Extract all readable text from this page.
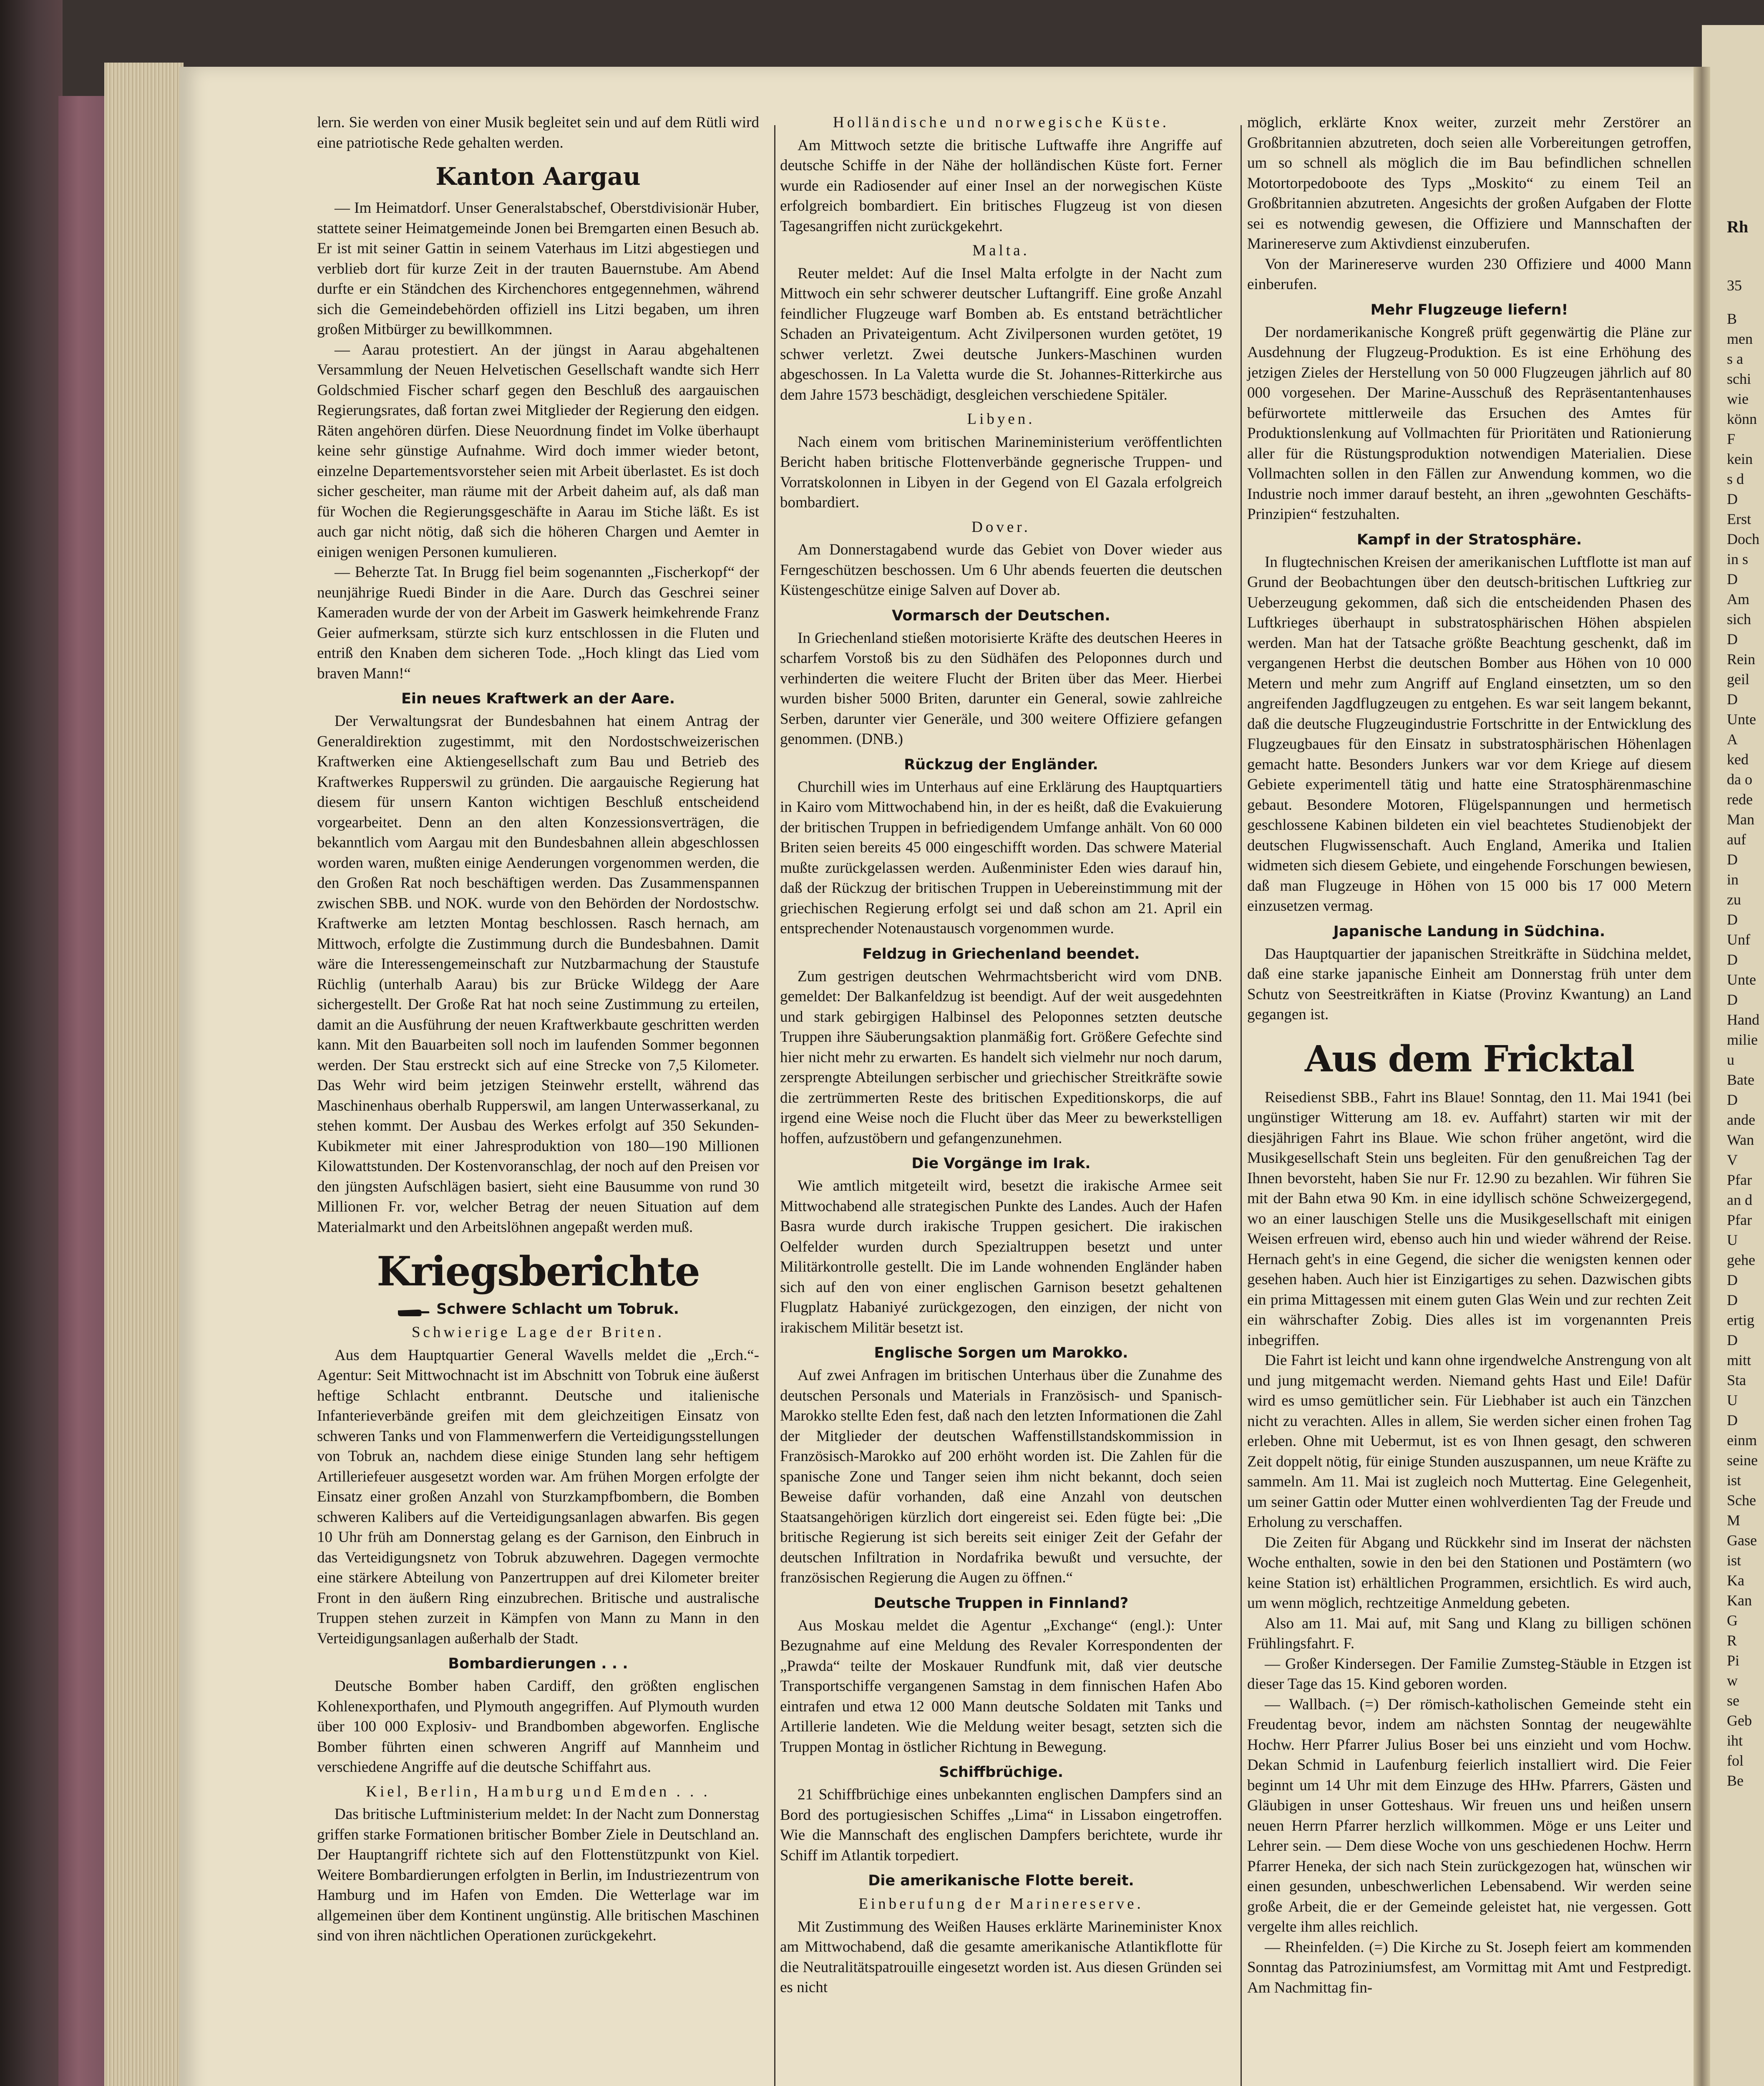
lern. Sie werden von einer Musik begleitet sein und auf dem Rütli wird eine patriotische Rede gehalten werden.

Kanton Aargau

— Im Heimatdorf. Unser Generalstabschef, Oberstdivisionär Huber, stattete seiner Heimatgemeinde Jonen bei Bremgarten einen Besuch ab. Er ist mit seiner Gattin in seinem Vaterhaus im Litzi abgestiegen und verblieb dort für kurze Zeit in der trauten Bauernstube. Am Abend durfte er ein Ständchen des Kirchenchores entgegennehmen, während sich die Gemeindebehörden offiziell ins Litzi begaben, um ihren großen Mitbürger zu bewillkommnen.

— Aarau protestiert. An der jüngst in Aarau abgehaltenen Versammlung der Neuen Helvetischen Gesellschaft wandte sich Herr Goldschmied Fischer scharf gegen den Beschluß des aargauischen Regierungsrates, daß fortan zwei Mitglieder der Regierung den eidgen. Räten angehören dürfen. Diese Neuordnung findet im Volke überhaupt keine sehr günstige Aufnahme. Wird doch immer wieder betont, einzelne Departementsvorsteher seien mit Arbeit überlastet. Es ist doch sicher gescheiter, man räume mit der Arbeit daheim auf, als daß man für Wochen die Regierungsgeschäfte in Aarau im Stiche läßt. Es ist auch gar nicht nötig, daß sich die höheren Chargen und Aemter in einigen wenigen Personen kumulieren.

— Beherzte Tat. In Brugg fiel beim sogenannten „Fischerkopf“ der neunjährige Ruedi Binder in die Aare. Durch das Geschrei seiner Kameraden wurde der von der Arbeit im Gaswerk heimkehrende Franz Geier aufmerksam, stürzte sich kurz entschlossen in die Fluten und entriß den Knaben dem sicheren Tode. „Hoch klingt das Lied vom braven Mann!“

Ein neues Kraftwerk an der Aare.

Der Verwaltungsrat der Bundesbahnen hat einem Antrag der Generaldirektion zugestimmt, mit den Nordostschweizerischen Kraftwerken eine Aktiengesellschaft zum Bau und Betrieb des Kraftwerkes Rupperswil zu gründen. Die aargauische Regierung hat diesem für unsern Kanton wichtigen Beschluß entscheidend vorgearbeitet. Denn an den alten Konzessionsverträgen, die bekanntlich vom Aargau mit den Bundesbahnen allein abgeschlossen worden waren, mußten einige Aenderungen vorgenommen werden, die den Großen Rat noch beschäftigen werden. Das Zusammenspannen zwischen SBB. und NOK. wurde von den Behörden der Nordostschw. Kraftwerke am letzten Montag beschlossen. Rasch hernach, am Mittwoch, erfolgte die Zustimmung durch die Bundesbahnen. Damit wäre die Interessengemeinschaft zur Nutzbarmachung der Staustufe Rüchlig (unterhalb Aarau) bis zur Brücke Wildegg der Aare sichergestellt. Der Große Rat hat noch seine Zustimmung zu erteilen, damit an die Ausführung der neuen Kraftwerkbaute geschritten werden kann. Mit den Bauarbeiten soll noch im laufenden Sommer begonnen werden. Der Stau erstreckt sich auf eine Strecke von 7,5 Kilometer. Das Wehr wird beim jetzigen Steinwehr erstellt, während das Maschinenhaus oberhalb Rupperswil, am langen Unterwasserkanal, zu stehen kommt. Der Ausbau des Werkes erfolgt auf 350 Sekunden-Kubikmeter mit einer Jahresproduktion von 180—190 Millionen Kilowattstunden. Der Kostenvoranschlag, der noch auf den Preisen vor den jüngsten Aufschlägen basiert, sieht eine Bausumme von rund 30 Millionen Fr. vor, welcher Betrag der neuen Situation auf dem Materialmarkt und den Arbeitslöhnen angepaßt werden muß.

Kriegsberichte
Schwere Schlacht um Tobruk.
Schwierige Lage der Briten.

Aus dem Hauptquartier General Wavells meldet die „Erch.“-Agentur: Seit Mittwochnacht ist im Abschnitt von Tobruk eine äußerst heftige Schlacht entbrannt. Deutsche und italienische Infanterieverbände greifen mit dem gleichzeitigen Einsatz von schweren Tanks und von Flammenwerfern die Verteidigungsstellungen von Tobruk an, nachdem diese einige Stunden lang sehr heftigem Artilleriefeuer ausgesetzt worden war. Am frühen Morgen erfolgte der Einsatz einer großen Anzahl von Sturzkampfbombern, die Bomben schweren Kalibers auf die Verteidigungsanlagen abwarfen. Bis gegen 10 Uhr früh am Donnerstag gelang es der Garnison, den Einbruch in das Verteidigungsnetz von Tobruk abzuwehren. Dagegen vermochte eine stärkere Abteilung von Panzertruppen auf drei Kilometer breiter Front in den äußern Ring einzubrechen. Britische und australische Truppen stehen zurzeit in Kämpfen von Mann zu Mann in den Verteidigungsanlagen außerhalb der Stadt.

Bombardierungen . . .

Deutsche Bomber haben Cardiff, den größten englischen Kohlenexporthafen, und Plymouth angegriffen. Auf Plymouth wurden über 100 000 Explosiv- und Brandbomben abgeworfen. Englische Bomber führten einen schweren Angriff auf Mannheim und verschiedene Angriffe auf die deutsche Schiffahrt aus.

Kiel, Berlin, Hamburg und Emden . . .

Das britische Luftministerium meldet: In der Nacht zum Donnerstag griffen starke Formationen britischer Bomber Ziele in Deutschland an. Der Hauptangriff richtete sich auf den Flottenstützpunkt von Kiel. Weitere Bombardierungen erfolgten in Berlin, im Industriezentrum von Hamburg und im Hafen von Emden. Die Wetterlage war im allgemeinen über dem Kontinent ungünstig. Alle britischen Maschinen sind von ihren nächtlichen Operationen zurückgekehrt.

Holländische und norwegische Küste.

Am Mittwoch setzte die britische Luftwaffe ihre Angriffe auf deutsche Schiffe in der Nähe der holländischen Küste fort. Ferner wurde ein Radiosender auf einer Insel an der norwegischen Küste erfolgreich bombardiert. Ein britisches Flugzeug ist von diesen Tagesangriffen nicht zurückgekehrt.

Malta.

Reuter meldet: Auf die Insel Malta erfolgte in der Nacht zum Mittwoch ein sehr schwerer deutscher Luftangriff. Eine große Anzahl feindlicher Flugzeuge warf Bomben ab. Es entstand beträchtlicher Schaden an Privateigentum. Acht Zivilpersonen wurden getötet, 19 schwer verletzt. Zwei deutsche Junkers-Maschinen wurden abgeschossen. In La Valetta wurde die St. Johannes-Ritterkirche aus dem Jahre 1573 beschädigt, desgleichen verschiedene Spitäler.

Libyen.

Nach einem vom britischen Marineministerium veröffentlichten Bericht haben britische Flottenverbände gegnerische Truppen- und Vorratskolonnen in Libyen in der Gegend von El Gazala erfolgreich bombardiert.

Dover.

Am Donnerstagabend wurde das Gebiet von Dover wieder aus Ferngeschützen beschossen. Um 6 Uhr abends feuerten die deutschen Küstengeschütze einige Salven auf Dover ab.

Vormarsch der Deutschen.

In Griechenland stießen motorisierte Kräfte des deutschen Heeres in scharfem Vorstoß bis zu den Südhäfen des Peloponnes durch und verhinderten die weitere Flucht der Briten über das Meer. Hierbei wurden bisher 5000 Briten, darunter ein General, sowie zahlreiche Serben, darunter vier Generäle, und 300 weitere Offiziere gefangen genommen. (DNB.)

Rückzug der Engländer.

Churchill wies im Unterhaus auf eine Erklärung des Hauptquartiers in Kairo vom Mittwochabend hin, in der es heißt, daß die Evakuierung der britischen Truppen in befriedigendem Umfange anhält. Von 60 000 Briten seien bereits 45 000 eingeschifft worden. Das schwere Material mußte zurückgelassen werden. Außenminister Eden wies darauf hin, daß der Rückzug der britischen Truppen in Uebereinstimmung mit der griechischen Regierung erfolgt sei und daß schon am 21. April ein entsprechender Notenaustausch vorgenommen wurde.

Feldzug in Griechenland beendet.

Zum gestrigen deutschen Wehrmachtsbericht wird vom DNB. gemeldet: Der Balkanfeldzug ist beendigt. Auf der weit ausgedehnten und stark gebirgigen Halbinsel des Peloponnes setzten deutsche Truppen ihre Säuberungsaktion planmäßig fort. Größere Gefechte sind hier nicht mehr zu erwarten. Es handelt sich vielmehr nur noch darum, zersprengte Abteilungen serbischer und griechischer Streitkräfte sowie die zertrümmerten Reste des britischen Expeditionskorps, die auf irgend eine Weise noch die Flucht über das Meer zu bewerkstelligen hoffen, aufzustöbern und gefangenzunehmen.

Die Vorgänge im Irak.

Wie amtlich mitgeteilt wird, besetzt die irakische Armee seit Mittwochabend alle strategischen Punkte des Landes. Auch der Hafen Basra wurde durch irakische Truppen gesichert. Die irakischen Oelfelder wurden durch Spezialtruppen besetzt und unter Militärkontrolle gestellt. Die im Lande wohnenden Engländer haben sich auf den von einer englischen Garnison besetzt gehaltenen Flugplatz Habaniyé zurückgezogen, den einzigen, der nicht von irakischem Militär besetzt ist.

Englische Sorgen um Marokko.

Auf zwei Anfragen im britischen Unterhaus über die Zunahme des deutschen Personals und Materials in Französisch- und Spanisch-Marokko stellte Eden fest, daß nach den letzten Informationen die Zahl der Mitglieder der deutschen Waffenstillstandskommission in Französisch-Marokko auf 200 erhöht worden ist. Die Zahlen für die spanische Zone und Tanger seien ihm nicht bekannt, doch seien Beweise dafür vorhanden, daß eine Anzahl von deutschen Staatsangehörigen kürzlich dort eingereist sei. Eden fügte bei: „Die britische Regierung ist sich bereits seit einiger Zeit der Gefahr der deutschen Infiltration in Nordafrika bewußt und versuchte, der französischen Regierung die Augen zu öffnen.“

Deutsche Truppen in Finnland?

Aus Moskau meldet die Agentur „Exchange“ (engl.): Unter Bezugnahme auf eine Meldung des Revaler Korrespondenten der „Prawda“ teilte der Moskauer Rundfunk mit, daß vier deutsche Transportschiffe vergangenen Samstag in dem finnischen Hafen Abo eintrafen und etwa 12 000 Mann deutsche Soldaten mit Tanks und Artillerie landeten. Wie die Meldung weiter besagt, setzten sich die Truppen Montag in östlicher Richtung in Bewegung.

Schiffbrüchige.

21 Schiffbrüchige eines unbekannten englischen Dampfers sind an Bord des portugiesischen Schiffes „Lima“ in Lissabon eingetroffen. Wie die Mannschaft des englischen Dampfers berichtete, wurde ihr Schiff im Atlantik torpediert.

Die amerikanische Flotte bereit.
Einberufung der Marinereserve.

Mit Zustimmung des Weißen Hauses erklärte Marineminister Knox am Mittwochabend, daß die gesamte amerikanische Atlantikflotte für die Neutralitätspatrouille eingesetzt worden ist. Aus diesen Gründen sei es nicht

möglich, erklärte Knox weiter, zurzeit mehr Zerstörer an Großbritannien abzutreten, doch seien alle Vorbereitungen getroffen, um so schnell als möglich die im Bau befindlichen schnellen Motortorpedoboote des Typs „Moskito“ zu einem Teil an Großbritannien abzutreten. Angesichts der großen Aufgaben der Flotte sei es notwendig gewesen, die Offiziere und Mannschaften der Marinereserve zum Aktivdienst einzuberufen.

Von der Marinereserve wurden 230 Offiziere und 4000 Mann einberufen.

Mehr Flugzeuge liefern!

Der nordamerikanische Kongreß prüft gegenwärtig die Pläne zur Ausdehnung der Flugzeug-Produktion. Es ist eine Erhöhung des jetzigen Zieles der Herstellung von 50 000 Flugzeugen jährlich auf 80 000 vorgesehen. Der Marine-Ausschuß des Repräsentantenhauses befürwortete mittlerweile das Ersuchen des Amtes für Produktionslenkung auf Vollmachten für Prioritäten und Rationierung aller für die Rüstungsproduktion notwendigen Materialien. Diese Vollmachten sollen in den Fällen zur Anwendung kommen, wo die Industrie noch immer darauf besteht, an ihren „gewohnten Geschäfts-Prinzipien“ festzuhalten.

Kampf in der Stratosphäre.

In flugtechnischen Kreisen der amerikanischen Luftflotte ist man auf Grund der Beobachtungen über den deutsch-britischen Luftkrieg zur Ueberzeugung gekommen, daß sich die entscheidenden Phasen des Luftkrieges überhaupt in substratosphärischen Höhen abspielen werden. Man hat der Tatsache größte Beachtung geschenkt, daß im vergangenen Herbst die deutschen Bomber aus Höhen von 10 000 Metern und mehr zum Angriff auf England einsetzten, um so den angreifenden Jagdflugzeugen zu entgehen. Es war seit langem bekannt, daß die deutsche Flugzeugindustrie Fortschritte in der Entwicklung des Flugzeugbaues für den Einsatz in substratosphärischen Höhenlagen gemacht hatte. Besonders Junkers war vor dem Kriege auf diesem Gebiete experimentell tätig und hatte eine Stratosphärenmaschine gebaut. Besondere Motoren, Flügelspannungen und hermetisch geschlossene Kabinen bildeten ein viel beachtetes Studienobjekt der deutschen Flugwissenschaft. Auch England, Amerika und Italien widmeten sich diesem Gebiete, und eingehende Forschungen bewiesen, daß man Flugzeuge in Höhen von 15 000 bis 17 000 Metern einzusetzen vermag.

Japanische Landung in Südchina.

Das Hauptquartier der japanischen Streitkräfte in Südchina meldet, daß eine starke japanische Einheit am Donnerstag früh unter dem Schutz von Seestreitkräften in Kiatse (Provinz Kwantung) an Land gegangen ist.

Aus dem Fricktal

Reisedienst SBB., Fahrt ins Blaue! Sonntag, den 11. Mai 1941 (bei ungünstiger Witterung am 18. ev. Auffahrt) starten wir mit der diesjährigen Fahrt ins Blaue. Wie schon früher angetönt, wird die Musikgesellschaft Stein uns begleiten. Für den genußreichen Tag der Ihnen bevorsteht, haben Sie nur Fr. 12.90 zu bezahlen. Wir führen Sie mit der Bahn etwa 90 Km. in eine idyllisch schöne Schweizergegend, wo an einer lauschigen Stelle uns die Musikgesellschaft mit einigen Weisen erfreuen wird, ebenso auch hin und wieder während der Reise. Hernach geht's in eine Gegend, die sicher die wenigsten kennen oder gesehen haben. Auch hier ist Einzigartiges zu sehen. Dazwischen gibts ein prima Mittagessen mit einem guten Glas Wein und zur rechten Zeit ein währschafter Zobig. Dies alles ist im vorgenannten Preis inbegriffen.

Die Fahrt ist leicht und kann ohne irgendwelche Anstrengung von alt und jung mitgemacht werden. Niemand gehts Hast und Eile! Dafür wird es umso gemütlicher sein. Für Liebhaber ist auch ein Tänzchen nicht zu verachten. Alles in allem, Sie werden sicher einen frohen Tag erleben. Ohne mit Uebermut, ist es von Ihnen gesagt, den schweren Zeit doppelt nötig, für einige Stunden auszuspannen, um neue Kräfte zu sammeln. Am 11. Mai ist zugleich noch Muttertag. Eine Gelegenheit, um seiner Gattin oder Mutter einen wohlverdienten Tag der Freude und Erholung zu verschaffen.

Die Zeiten für Abgang und Rückkehr sind im Inserat der nächsten Woche enthalten, sowie in den bei den Stationen und Postämtern (wo keine Station ist) erhältlichen Programmen, ersichtlich. Es wird auch, um wenn möglich, rechtzeitige Anmeldung gebeten.

Also am 11. Mai auf, mit Sang und Klang zu billigen schönen Frühlingsfahrt. F.

— Großer Kindersegen. Der Familie Zumsteg-Stäuble in Etzgen ist dieser Tage das 15. Kind geboren worden.

— Wallbach. (=) Der römisch-katholischen Gemeinde steht ein Freudentag bevor, indem am nächsten Sonntag der neugewählte Hochw. Herr Pfarrer Julius Boser bei uns einzieht und vom Hochw. Dekan Schmid in Laufenburg feierlich installiert wird. Die Feier beginnt um 14 Uhr mit dem Einzuge des HHw. Pfarrers, Gästen und Gläubigen in unser Gotteshaus. Wir freuen uns und heißen unsern neuen Herrn Pfarrer herzlich willkommen. Möge er uns Leiter und Lehrer sein. — Dem diese Woche von uns geschiedenen Hochw. Herrn Pfarrer Heneka, der sich nach Stein zurückgezogen hat, wünschen wir einen gesunden, unbeschwerlichen Lebensabend. Wir werden seine große Arbeit, die er der Gemeinde geleistet hat, nie vergessen. Gott vergelte ihm alles reichlich.

— Rheinfelden. (=) Die Kirche zu St. Joseph feiert am kommenden Sonntag das Patroziniumsfest, am Vormittag mit Amt und Festpredigt. Am Nachmittag fin-

Rh
35
B
men
s a
schi
wie
könn
F
kein
s d
D
Erst
Doch
in s
D
Am
sich
D
Rein
geil
D
Unte
A
ked
da o
rede
Man
auf
D
in
zu
D
Unf
D
Unte
D
Hand
milie
u
Bate
D
ande
Wan
V
Pfar
an d
Pfar
U
gehe
D
D
ertig
D
mitt
Sta
U
D
einm
seine
ist
Sche
M
Gase
ist
Ka
Kan
G
R
Pi
w
se
Geb
iht
fol
Be
